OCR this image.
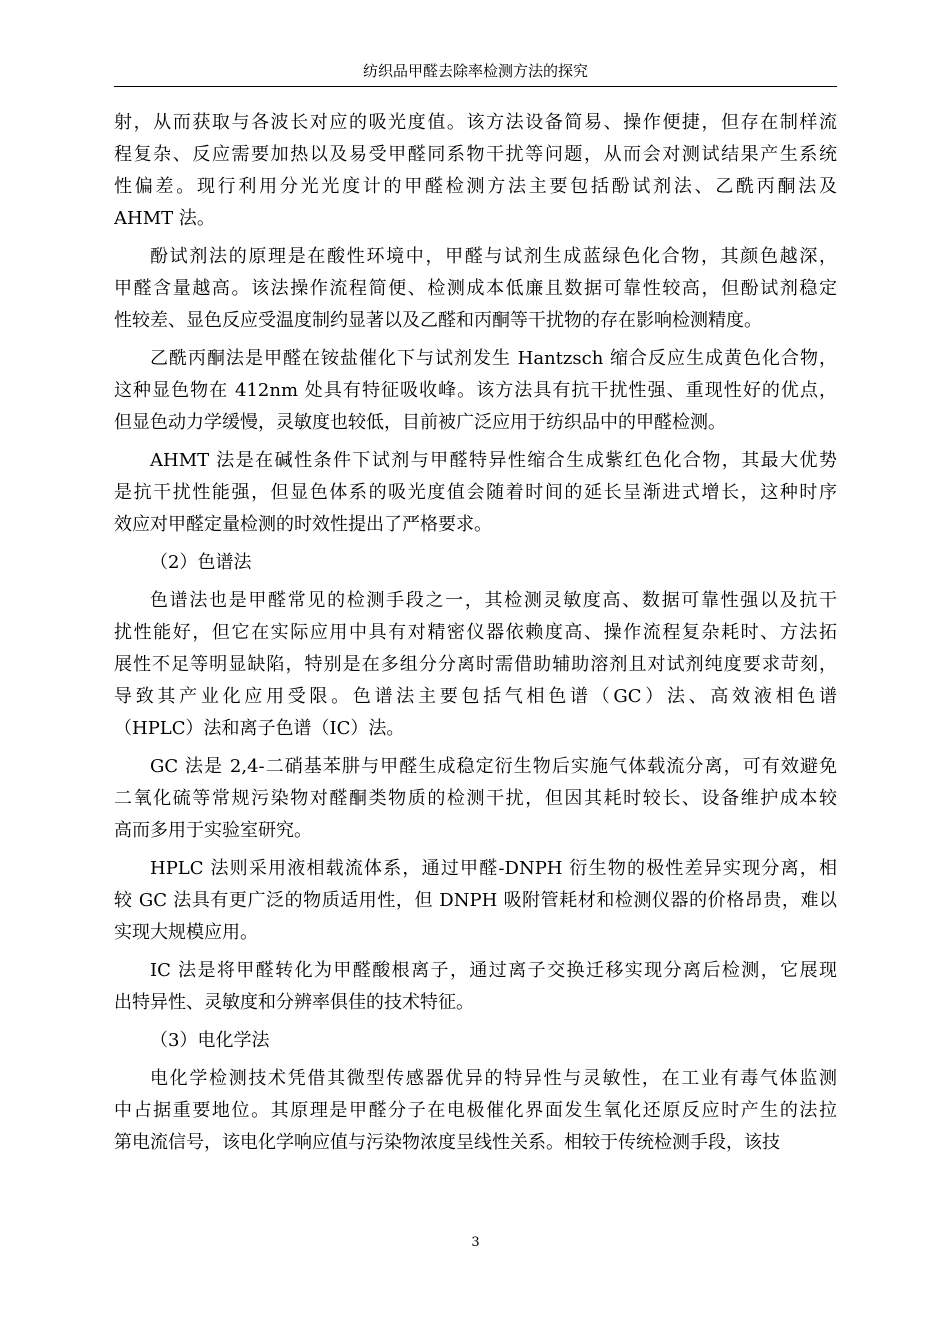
纺织品甲醛去除率检测方法的探究
射，从而获取与各波长对应的吸光度值。该方法设备简易、操作便捷，但存在制样流
程复杂、反应需要加热以及易受甲醛同系物干扰等问题，从而会对测试结果产生系统
性偏差。现行利用分光光度计的甲醛检测方法主要包括酚试剂法、乙酰丙酮法及
AHMT 法。
酚试剂法的原理是在酸性环境中，甲醛与试剂生成蓝绿色化合物，其颜色越深，
甲醛含量越高。该法操作流程简便、检测成本低廉且数据可靠性较高，但酚试剂稳定
性较差、显色反应受温度制约显著以及乙醛和丙酮等干扰物的存在影响检测精度。
乙酰丙酮法是甲醛在铵盐催化下与试剂发生 Hantzsch 缩合反应生成黄色化合物，
这种显色物在 412nm 处具有特征吸收峰。该方法具有抗干扰性强、重现性好的优点，
但显色动力学缓慢，灵敏度也较低，目前被广泛应用于纺织品中的甲醛检测。
AHMT 法是在碱性条件下试剂与甲醛特异性缩合生成紫红色化合物，其最大优势
是抗干扰性能强，但显色体系的吸光度值会随着时间的延长呈渐进式增长，这种时序
效应对甲醛定量检测的时效性提出了严格要求。
（2）色谱法
色谱法也是甲醛常见的检测手段之一，其检测灵敏度高、数据可靠性强以及抗干
扰性能好，但它在实际应用中具有对精密仪器依赖度高、操作流程复杂耗时、方法拓
展性不足等明显缺陷，特别是在多组分分离时需借助辅助溶剂且对试剂纯度要求苛刻，
导致其产业化应用受限。色谱法主要包括气相色谱（GC）法、高效液相色谱
（HPLC）法和离子色谱（IC）法。
GC 法是 2,4-二硝基苯肼与甲醛生成稳定衍生物后实施气体载流分离，可有效避免
二氧化硫等常规污染物对醛酮类物质的检测干扰，但因其耗时较长、设备维护成本较
高而多用于实验室研究。
HPLC 法则采用液相载流体系，通过甲醛-DNPH 衍生物的极性差异实现分离，相
较 GC 法具有更广泛的物质适用性，但 DNPH 吸附管耗材和检测仪器的价格昂贵，难以
实现大规模应用。
IC 法是将甲醛转化为甲醛酸根离子，通过离子交换迁移实现分离后检测，它展现
出特异性、灵敏度和分辨率俱佳的技术特征。
（3）电化学法
电化学检测技术凭借其微型传感器优异的特异性与灵敏性，在工业有毒气体监测
中占据重要地位。其原理是甲醛分子在电极催化界面发生氧化还原反应时产生的法拉
第电流信号，该电化学响应值与污染物浓度呈线性关系。相较于传统检测手段，该技
3
